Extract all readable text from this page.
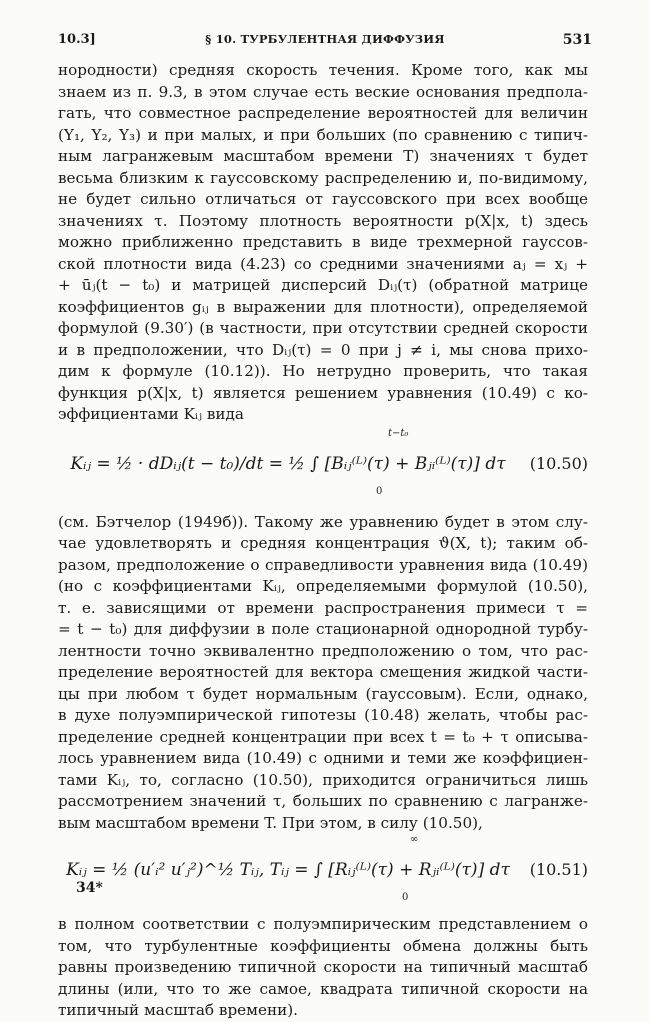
10.3]	§ 10. ТУРБУЛЕНТНАЯ ДИФФУЗИЯ	531
нородности) средняя скорость течения. Кроме того, как мы
знаем из п. 9.3, в этом случае есть веские основания предпола-
гать, что совместное распределение вероятностей для величин
(Y₁, Y₂, Y₃) и при малых, и при больших (по сравнению с типич-
ным лагранжевым масштабом времени T) значениях τ будет
весьма близким к гауссовскому распределению и, по-видимому,
не будет сильно отличаться от гауссовского при всех вообще
значениях τ. Поэтому плотность вероятности p(X|x, t) здесь
можно приближенно представить в виде трехмерной гауссов-
ской плотности вида (4.23) со средними значениями aⱼ = xⱼ +
+ ūⱼ(t − t₀) и матрицей дисперсий Dᵢⱼ(τ) (обратной матрице
коэффициентов gᵢⱼ в выражении для плотности), определяемой
формулой (9.30′) (в частности, при отсутствии средней скорости
и в предположении, что Dᵢⱼ(τ) = 0 при j ≠ i, мы снова прихо-
дим к формуле (10.12)). Но нетрудно проверить, что такая
функция p(X|x, t) является решением уравнения (10.49) с ко-
эффициентами Kᵢⱼ вида
t−t₀
Kᵢⱼ = ½ · dDᵢⱼ(t − t₀)/dt = ½ ∫ [Bᵢⱼ⁽ᴸ⁾(τ) + Bⱼᵢ⁽ᴸ⁾(τ)] dτ
0
(10.50)
(см. Бэтчелор (1949б)). Такому же уравнению будет в этом слу-
чае удовлетворять и средняя концентрация ϑ(X, t); таким об-
разом, предположение о справедливости уравнения вида (10.49)
(но с коэффициентами Kᵢⱼ, определяемыми формулой (10.50),
т. е. зависящими от времени распространения примеси τ =
= t − t₀) для диффузии в поле стационарной однородной турбу-
лентности точно эквивалентно предположению о том, что рас-
пределение вероятностей для вектора смещения жидкой части-
цы при любом τ будет нормальным (гауссовым). Если, однако,
в духе полуэмпирической гипотезы (10.48) желать, чтобы рас-
пределение средней концентрации при всех t = t₀ + τ описыва-
лось уравнением вида (10.49) с одними и теми же коэффициен-
тами Kᵢⱼ, то, согласно (10.50), приходится ограничиться лишь
рассмотрением значений τ, больших по сравнению с лагранже-
вым масштабом времени T. При этом, в силу (10.50),
∞
Kᵢⱼ = ½ (u′ᵢ² u′ⱼ²)^½ Tᵢⱼ, Tᵢⱼ = ∫ [Rᵢⱼ⁽ᴸ⁾(τ) + Rⱼᵢ⁽ᴸ⁾(τ)] dτ
0
(10.51)
в полном соответствии с полуэмпирическим представлением о
том, что турбулентные коэффициенты обмена должны быть
равны произведению типичной скорости на типичный масштаб
длины (или, что то же самое, квадрата типичной скорости на
типичный масштаб времени).
34*
